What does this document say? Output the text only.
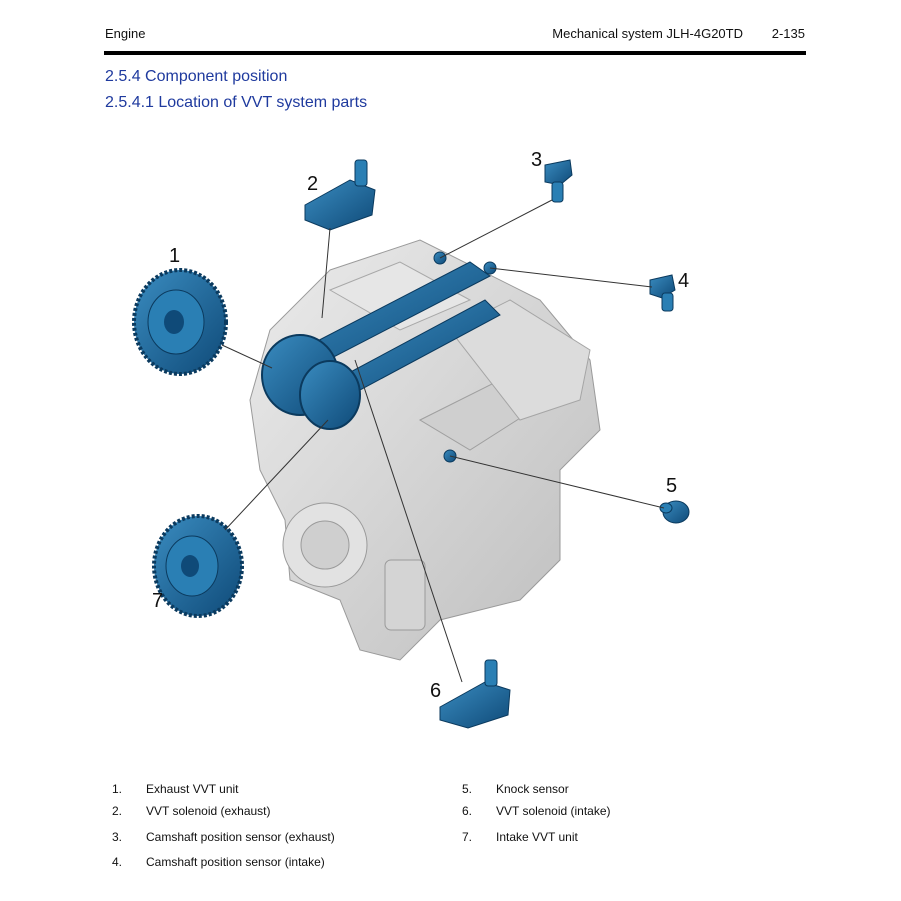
Engine	Mechanical system JLH-4G20TD 2-135
2.5.4 Component position
2.5.4.1 Location of VVT system parts
1
2
3
4
5
6
7
1. Exhaust VVT unit
2. VVT solenoid (exhaust)
3. Camshaft position sensor (exhaust)
4. Camshaft position sensor (intake)
5. Knock sensor
6. VVT solenoid (intake)
7. Intake VVT unit
